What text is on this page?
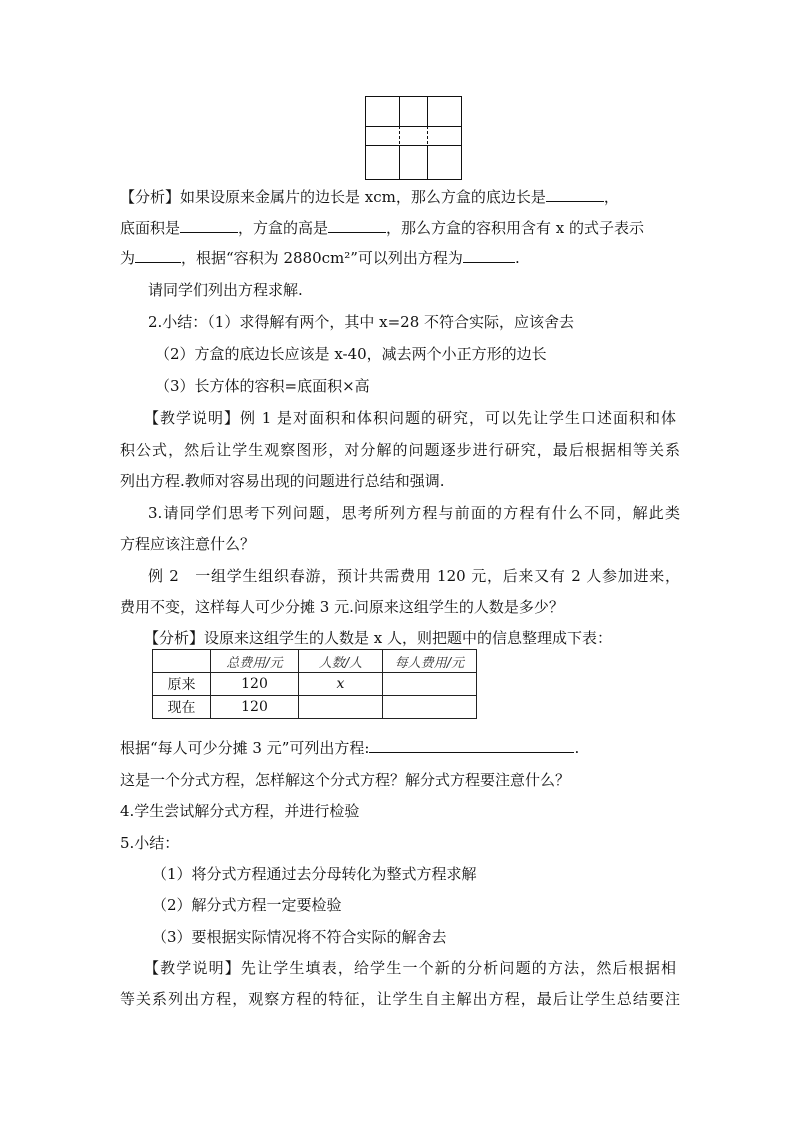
【分析】如果设原来金属片的边长是 xcm，那么方盒的底边长是	，
底面积是	，方盒的高是	，那么方盒的容积用含有 x 的式子表示
为	，根据“容积为 2880cm²”可以列出方程为	.
请同学们列出方程求解.
2.小结：（1）求得解有两个，其中 x=28 不符合实际，应该舍去
（2）方盒的底边长应该是 x-40，减去两个小正方形的边长
（3）长方体的容积=底面积×高
【教学说明】例 1 是对面积和体积问题的研究，可以先让学生口述面积和体
积公式，然后让学生观察图形，对分解的问题逐步进行研究，最后根据相等关系
列出方程.教师对容易出现的问题进行总结和强调.
3.请同学们思考下列问题，思考所列方程与前面的方程有什么不同，解此类
方程应该注意什么？
例 2　一组学生组织春游，预计共需费用 120 元，后来又有 2 人参加进来，
费用不变，这样每人可少分摊 3 元.问原来这组学生的人数是多少？
【分析】设原来这组学生的人数是 x 人，则把题中的信息整理成下表：
	总费用/元	人数/人	每人费用/元
原来	120	x	
现在	120		
根据“每人可少分摊 3 元”可列出方程:	.
这是一个分式方程，怎样解这个分式方程？解分式方程要注意什么？
4.学生尝试解分式方程，并进行检验
5.小结：
（1）将分式方程通过去分母转化为整式方程求解
（2）解分式方程一定要检验
（3）要根据实际情况将不符合实际的解舍去
【教学说明】先让学生填表，给学生一个新的分析问题的方法，然后根据相
等关系列出方程，观察方程的特征，让学生自主解出方程，最后让学生总结要注
